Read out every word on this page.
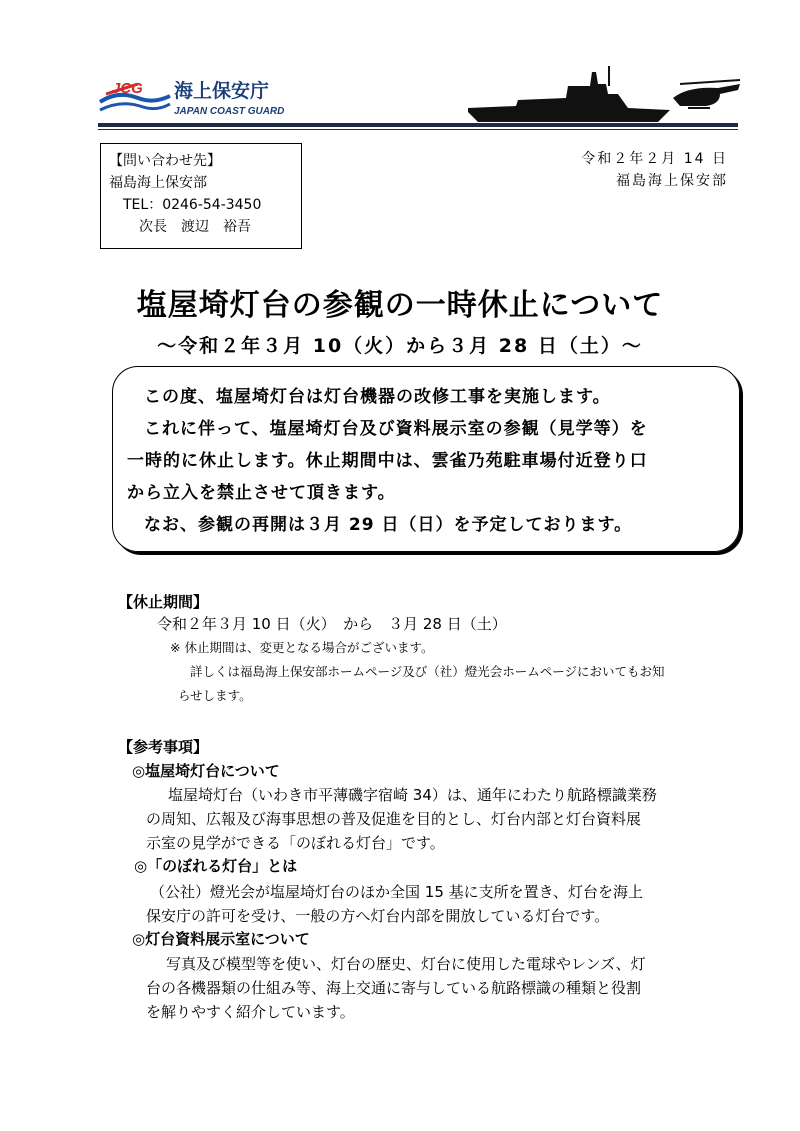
JCG 海上保安庁
JAPAN COAST GUARD
【問い合わせ先】
福島海上保安部
TEL：0246-54-3450
次長　渡辺　裕吾
令和２年２月 14 日
福島海上保安部
塩屋埼灯台の参観の一時休止について
～令和２年３月 10（火）から３月 28 日（土）～

この度、塩屋埼灯台は灯台機器の改修工事を実施します。

これに伴って、塩屋埼灯台及び資料展示室の参観（見学等）を

一時的に休止します。休止期間中は、雲雀乃苑駐車場付近登り口

から立入を禁止させて頂きます。

なお、参観の再開は３月 29 日（日）を予定しております。

【休止期間】
令和２年３月 10 日（火）　から　３月 28 日（土）
※ 休止期間は、変更となる場合がございます。
詳しくは福島海上保安部ホームページ及び（社）燈光会ホームページにおいてもお知
らせします。
【参考事項】
◎塩屋埼灯台について
塩屋埼灯台（いわき市平薄磯字宿崎 34）は、通年にわたり航路標識業務
の周知、広報及び海事思想の普及促進を目的とし、灯台内部と灯台資料展
示室の見学ができる「のぼれる灯台」です。
◎「のぼれる灯台」とは
（公社）燈光会が塩屋埼灯台のほか全国 15 基に支所を置き、灯台を海上
保安庁の許可を受け、一般の方へ灯台内部を開放している灯台です。
◎灯台資料展示室について
写真及び模型等を使い、灯台の歴史、灯台に使用した電球やレンズ、灯
台の各機器類の仕組み等、海上交通に寄与している航路標識の種類と役割
を解りやすく紹介しています。
